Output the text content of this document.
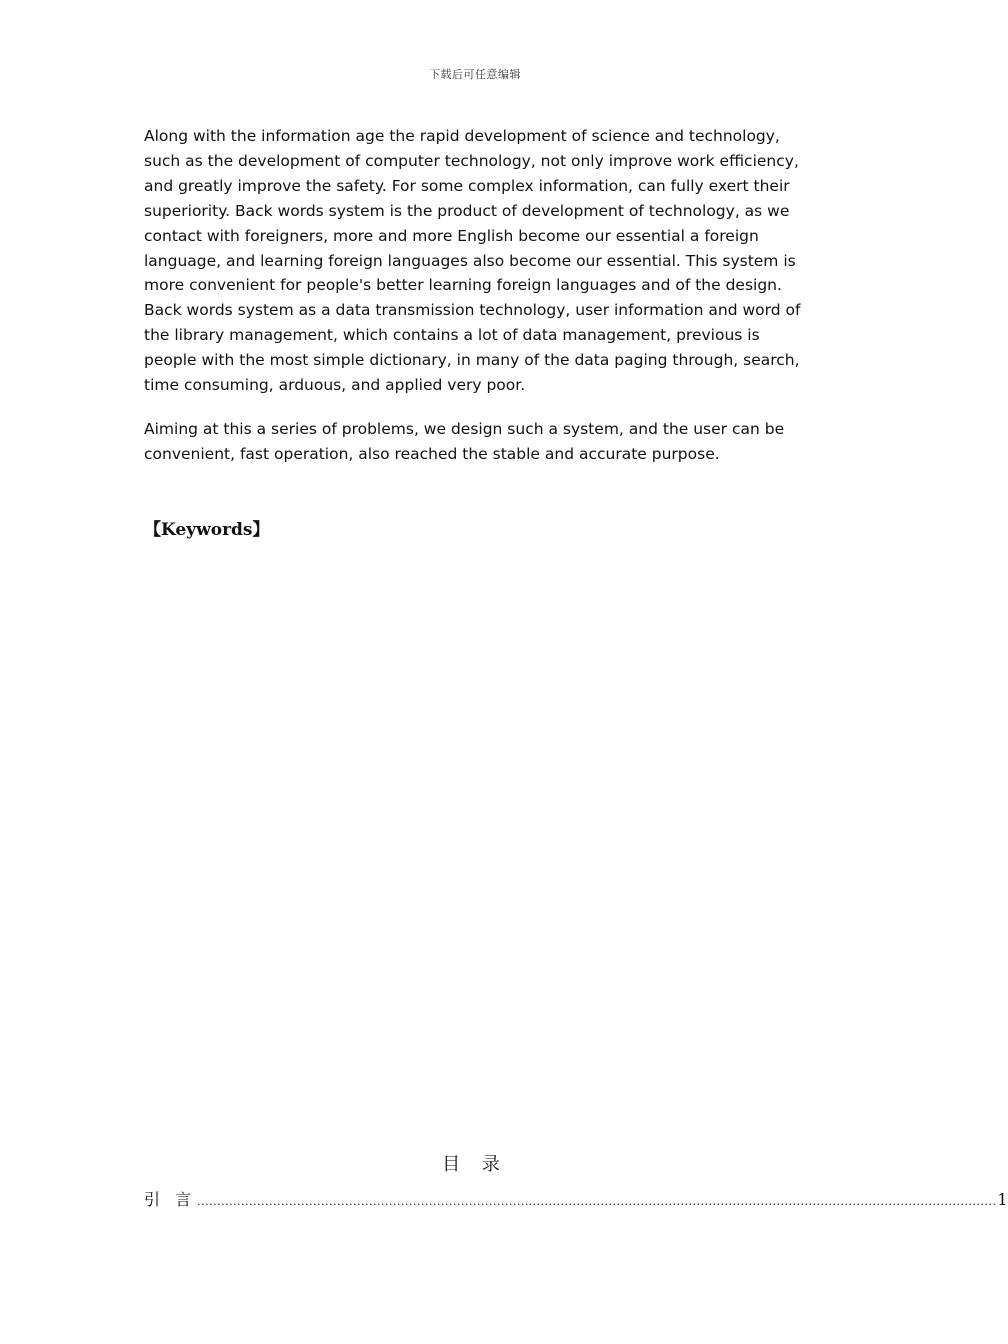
下载后可任意编辑

Along with the information age the rapid development of science and technology, such as the development of computer technology, not only improve work efficiency, and greatly improve the safety. For some complex information, can fully exert their superiority. Back words system is the product of development of technology, as we contact with foreigners, more and more English become our essential a foreign language, and learning foreign languages also become our essential. This system is more convenient for people's better learning foreign languages and of the design.

Back words system as a data transmission technology, user information and word of the library management, which contains a lot of data management, previous is people with the most simple dictionary, in many of the data paging through, search, time consuming, arduous, and applied very poor.

Aiming at this a series of problems, we design such a system, and the user can be convenient, fast operation, also reached the stable and accurate purpose.

【Keywords】
目 录
引 言 ........................................................................................................................................................................................................ 1
